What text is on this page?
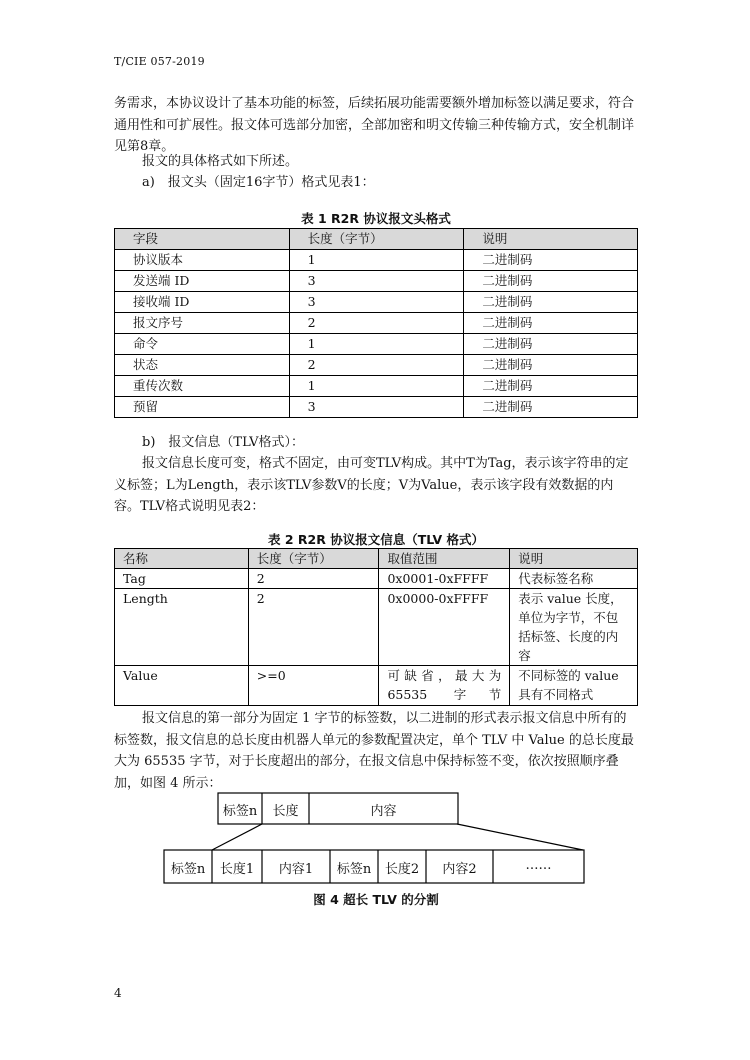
T/CIE 057-2019

务需求，本协议设计了基本功能的标签，后续拓展功能需要额外增加标签以满足要求，符合通用性和可扩展性。报文体可选部分加密，全部加密和明文传输三种传输方式，安全机制详见第8章。

报文的具体格式如下所述。

a)　报文头（固定16字节）格式见表1：

表 1 R2R 协议报文头格式
字段	长度（字节）	说明
协议版本	1	二进制码
发送端 ID	3	二进制码
接收端 ID	3	二进制码
报文序号	2	二进制码
命令	1	二进制码
状态	2	二进制码
重传次数	1	二进制码
预留	3	二进制码

b)　报文信息（TLV格式）：

报文信息长度可变，格式不固定，由可变TLV构成。其中T为Tag，表示该字符串的定义标签；L为Length，表示该TLV参数V的长度；V为Value，表示该字段有效数据的内容。TLV格式说明见表2：

表 2 R2R 协议报文信息（TLV 格式）
名称	长度（字节）	取值范围	说明
Tag	2	0x0001-0xFFFF	代表标签名称
Length	2	0x0000-0xFFFF	表示 value 长度，单位为字节，不包括标签、长度的内容
Value	>=0	可缺省，最大为65535 字节	不同标签的 value 具有不同格式

报文信息的第一部分为固定 1 字节的标签数，以二进制的形式表示报文信息中所有的标签数，报文信息的总长度由机器人单元的参数配置决定，单个 TLV 中 Value 的总长度最大为 65535 字节，对于长度超出的部分，在报文信息中保持标签不变，依次按照顺序叠加，如图 4 所示：

标签n	长度	内容
标签n	长度1	内容1	标签n	长度2	内容2	……
图 4 超长 TLV 的分割
4
